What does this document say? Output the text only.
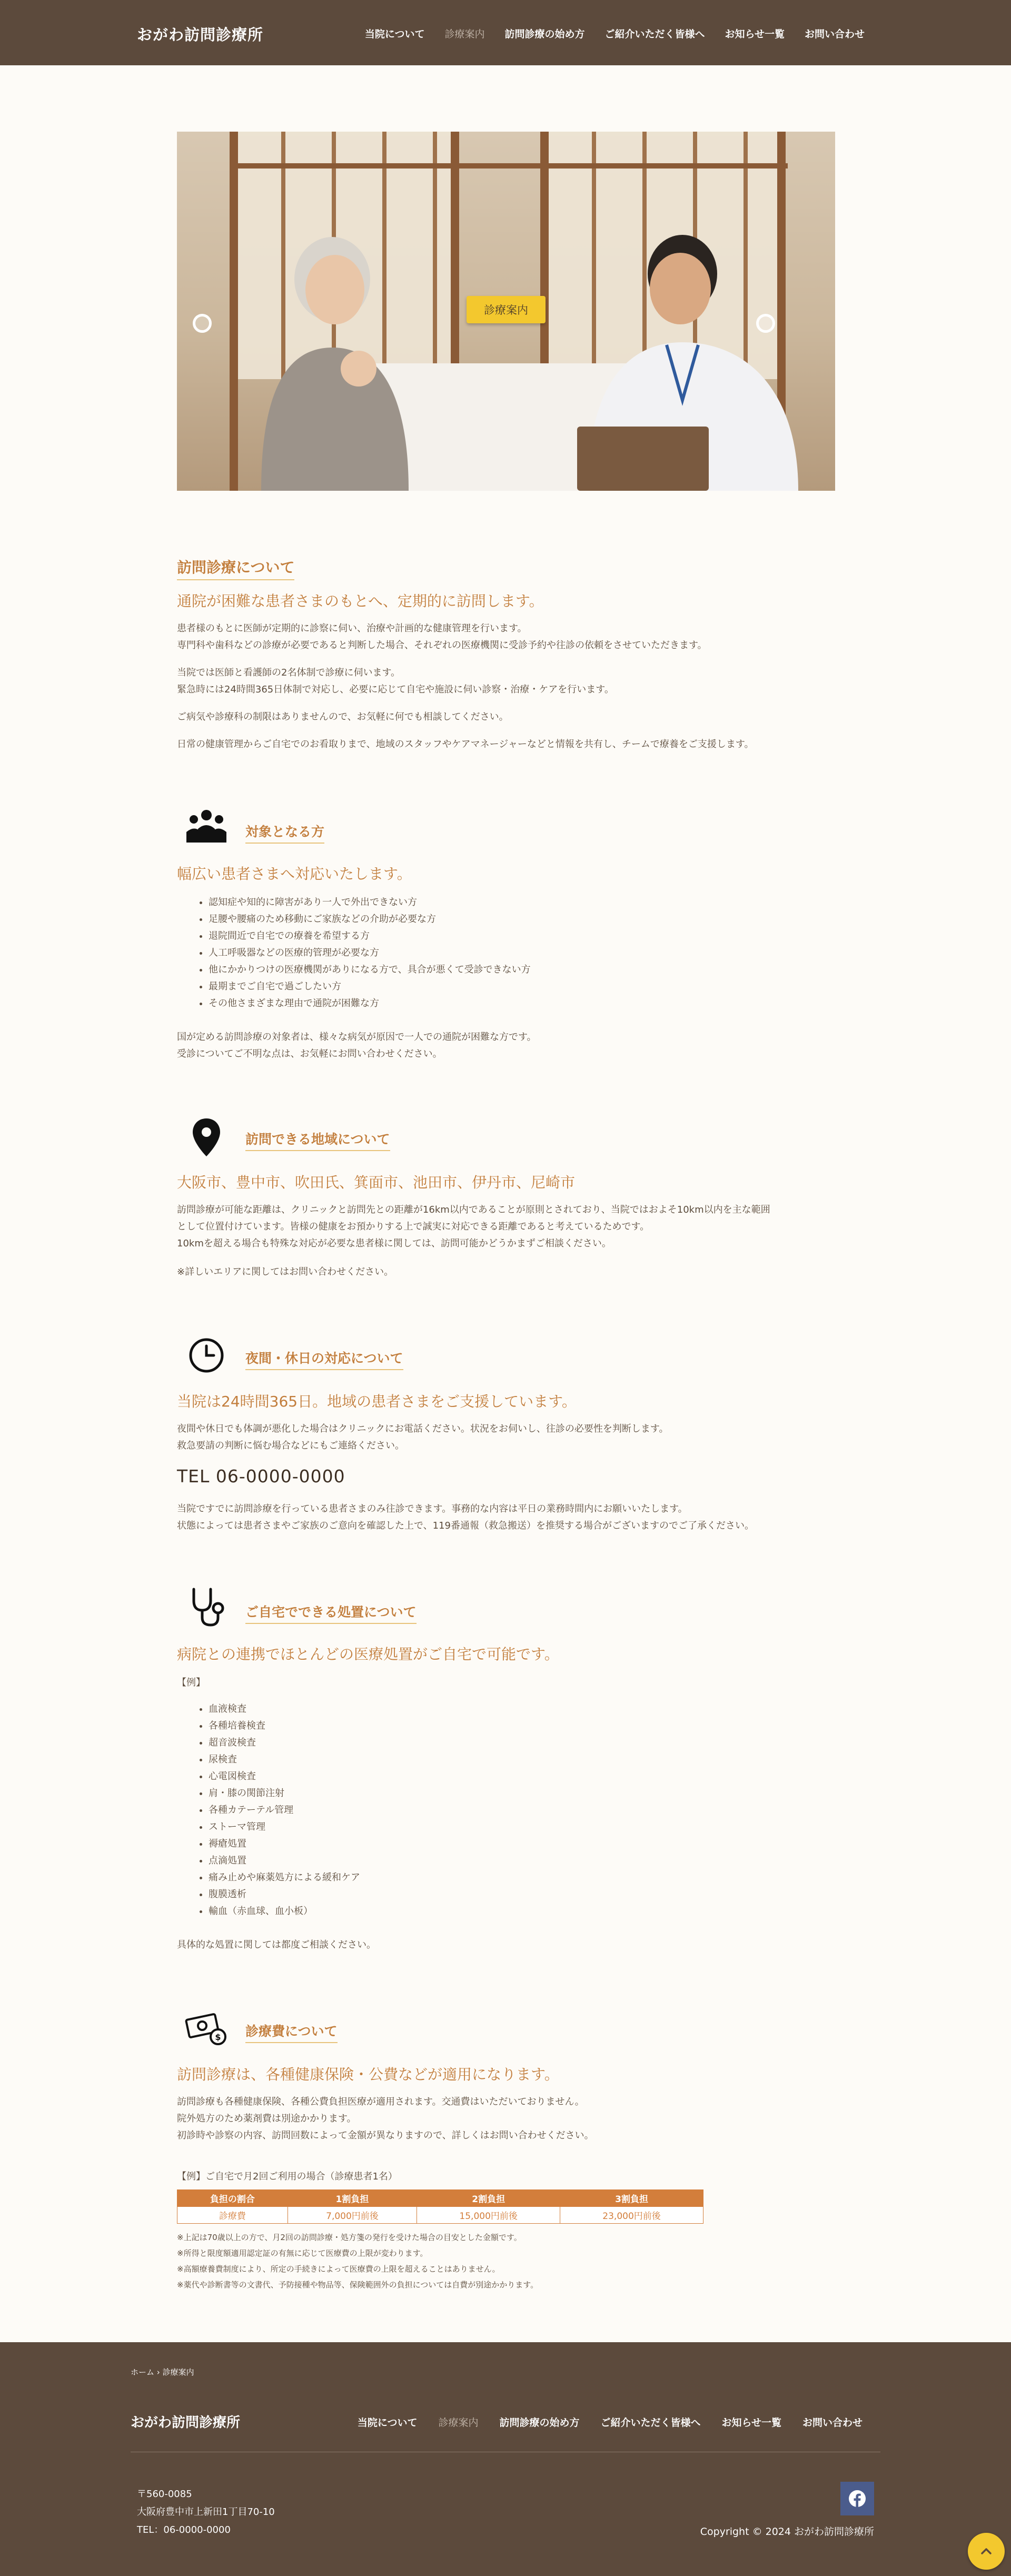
おがわ訪問診療所	当院について 診療案内 訪問診療の始め方 ご紹介いただく皆様へ お知らせ一覧 お問い合わせ
診療案内
訪問診療について
通院が困難な患者さまのもとへ、定期的に訪問します。
患者様のもとに医師が定期的に診察に伺い、治療や計画的な健康管理を行います。
専門科や歯科などの診療が必要であると判断した場合、それぞれの医療機関に受診予約や往診の依頼をさせていただきます。
当院では医師と看護師の2名体制で診療に伺います。
緊急時には24時間365日体制で対応し、必要に応じて自宅や施設に伺い診察・治療・ケアを行います。
ご病気や診療科の制限はありませんので、お気軽に何でも相談してください。
日常の健康管理からご自宅でのお看取りまで、地域のスタッフやケアマネージャーなどと情報を共有し、チームで療養をご支援します。
対象となる方
幅広い患者さまへ対応いたします。
• 認知症や知的に障害があり一人で外出できない方
• 足腰や腰痛のため移動にご家族などの介助が必要な方
• 退院間近で自宅での療養を希望する方
• 人工呼吸器などの医療的管理が必要な方
• 他にかかりつけの医療機関がありになる方で、具合が悪くて受診できない方
• 最期までご自宅で過ごしたい方
• その他さまざまな理由で通院が困難な方
国が定める訪問診療の対象者は、様々な病気が原因で一人での通院が困難な方です。
受診についてご不明な点は、お気軽にお問い合わせください。
訪問できる地域について
大阪市、豊中市、吹田氏、箕面市、池田市、伊丹市、尼崎市
訪問診療が可能な距離は、クリニックと訪問先との距離が16km以内であることが原則とされており、当院ではおよそ10km以内を主な範囲
として位置付けています。皆様の健康をお預かりする上で誠実に対応できる距離であると考えているためです。
10kmを超える場合も特殊な対応が必要な患者様に関しては、訪問可能かどうかまずご相談ください。
※詳しいエリアに関してはお問い合わせください。
夜間・休日の対応について
当院は24時間365日。地域の患者さまをご支援しています。
夜間や休日でも体調が悪化した場合はクリニックにお電話ください。状況をお伺いし、往診の必要性を判断します。
救急要請の判断に悩む場合などにもご連絡ください。
TEL 06-0000-0000
当院ですでに訪問診療を行っている患者さまのみ往診できます。事務的な内容は平日の業務時間内にお願いいたします。
状態によっては患者さまやご家族のご意向を確認した上で、119番通報（救急搬送）を推奨する場合がございますのでご了承ください。
ご自宅でできる処置について
病院との連携でほとんどの医療処置がご自宅で可能です。
【例】
• 血液検査
• 各種培養検査
• 超音波検査
• 尿検査
• 心電図検査
• 肩・膝の関節注射
• 各種カテーテル管理
• ストーマ管理
• 褥瘡処置
• 点滴処置
• 痛み止めや麻薬処方による緩和ケア
• 腹膜透析
• 輸血（赤血球、血小板）
具体的な処置に関しては都度ご相談ください。
$ 診療費について
訪問診療は、各種健康保険・公費などが適用になります。
訪問診療も各種健康保険、各種公費負担医療が適用されます。交通費はいただいておりません。
院外処方のため薬剤費は別途かかります。
初診時や診察の内容、訪問回数によって金額が異なりますので、詳しくはお問い合わせください。
【例】ご自宅で月2回ご利用の場合（診療患者1名）
負担の割合	1割負担	2割負担	3割負担
診療費	7,000円前後	15,000円前後	23,000円前後
※上記は70歳以上の方で、月2回の訪問診療・処方箋の発行を受けた場合の目安とした金額です。
※所得と限度額適用認定証の有無に応じて医療費の上限が変わります。
※高額療養費制度により、所定の手続きによって医療費の上限を超えることはありません。
※薬代や診断書等の文書代、予防接種や物品等、保険範囲外の負担については自費が別途かかります。
ホーム › 診療案内
おがわ訪問診療所	当院について 診療案内 訪問診療の始め方 ご紹介いただく皆様へ お知らせ一覧 お問い合わせ
〒560-0085
大阪府豊中市上新田1丁目70-10
TEL：06-0000-0000	Copyright © 2024 おがわ訪問診療所
